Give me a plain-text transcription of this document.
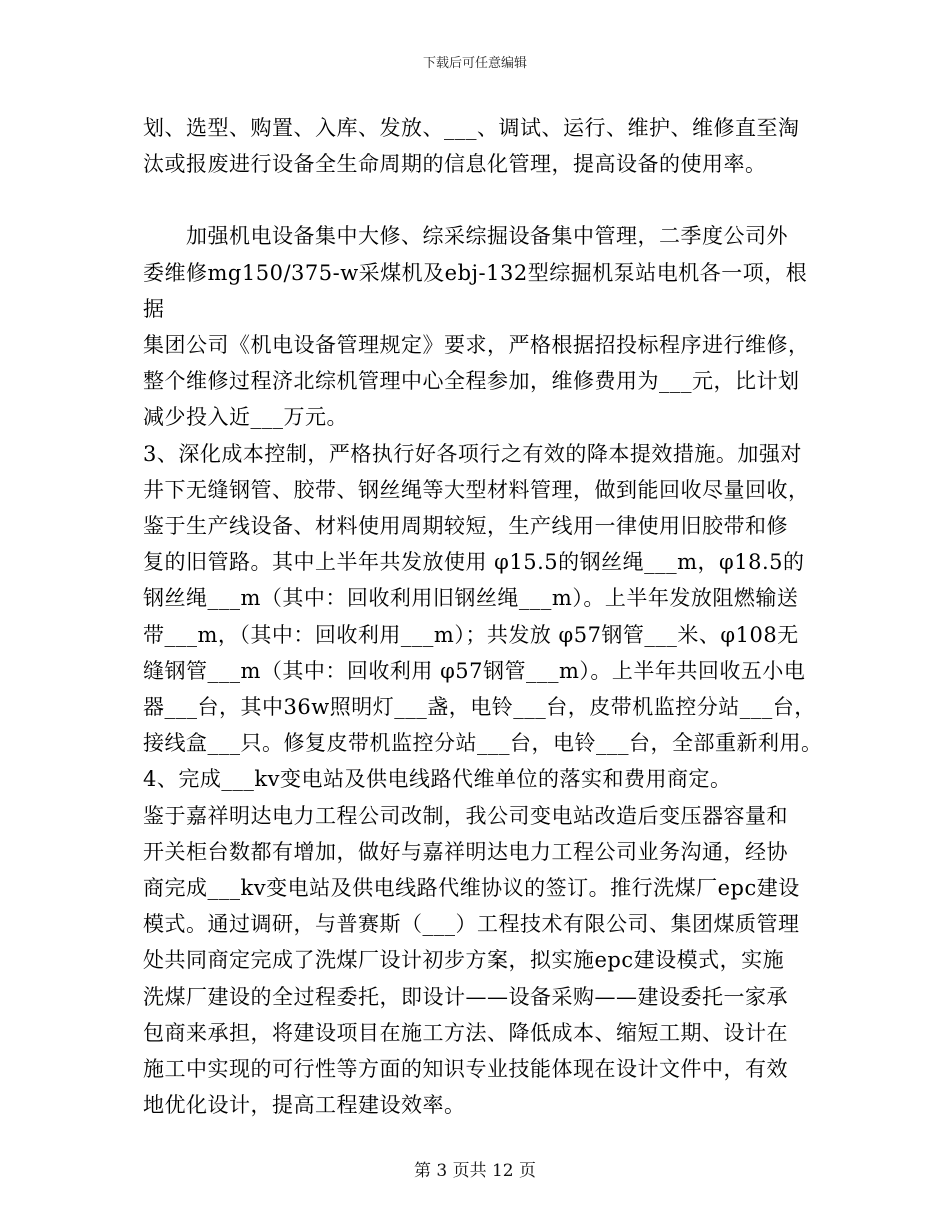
下载后可任意编辑

划、选型、购置、入库、发放、___、调试、运行、维护、维修直至淘
汰或报废进行设备全生命周期的信息化管理，提高设备的使用率。

　　加强机电设备集中大修、综采综掘设备集中管理，二季度公司外
委维修mg150/375-w采煤机及ebj-132型综掘机泵站电机各一项，根据
集团公司《机电设备管理规定》要求，严格根据招投标程序进行维修，
整个维修过程济北综机管理中心全程参加，维修费用为___元，比计划
减少投入近___万元。

3、深化成本控制，严格执行好各项行之有效的降本提效措施。加强对
井下无缝钢管、胶带、钢丝绳等大型材料管理，做到能回收尽量回收，
鉴于生产线设备、材料使用周期较短，生产线用一律使用旧胶带和修
复的旧管路。其中上半年共发放使用 φ15.5的钢丝绳___m，φ18.5的
钢丝绳___m（其中：回收利用旧钢丝绳___m）。上半年发放阻燃输送
带___m，（其中：回收利用___m）；共发放 φ57钢管___米、φ108无
缝钢管___m（其中：回收利用 φ57钢管___m）。上半年共回收五小电
器___台，其中36w照明灯___盏，电铃___台，皮带机监控分站___台，
接线盒___只。修复皮带机监控分站___台，电铃___台，全部重新利用。

4、完成___kv变电站及供电线路代维单位的落实和费用商定。

鉴于嘉祥明达电力工程公司改制，我公司变电站改造后变压器容量和
开关柜台数都有增加，做好与嘉祥明达电力工程公司业务沟通，经协
商完成___kv变电站及供电线路代维协议的签订。推行洗煤厂epc建设
模式。通过调研，与普赛斯（___）工程技术有限公司、集团煤质管理
处共同商定完成了洗煤厂设计初步方案，拟实施epc建设模式，实施
洗煤厂建设的全过程委托，即设计——设备采购——建设委托一家承
包商来承担，将建设项目在施工方法、降低成本、缩短工期、设计在
施工中实现的可行性等方面的知识专业技能体现在设计文件中，有效
地优化设计，提高工程建设效率。

第 3 页共 12 页
